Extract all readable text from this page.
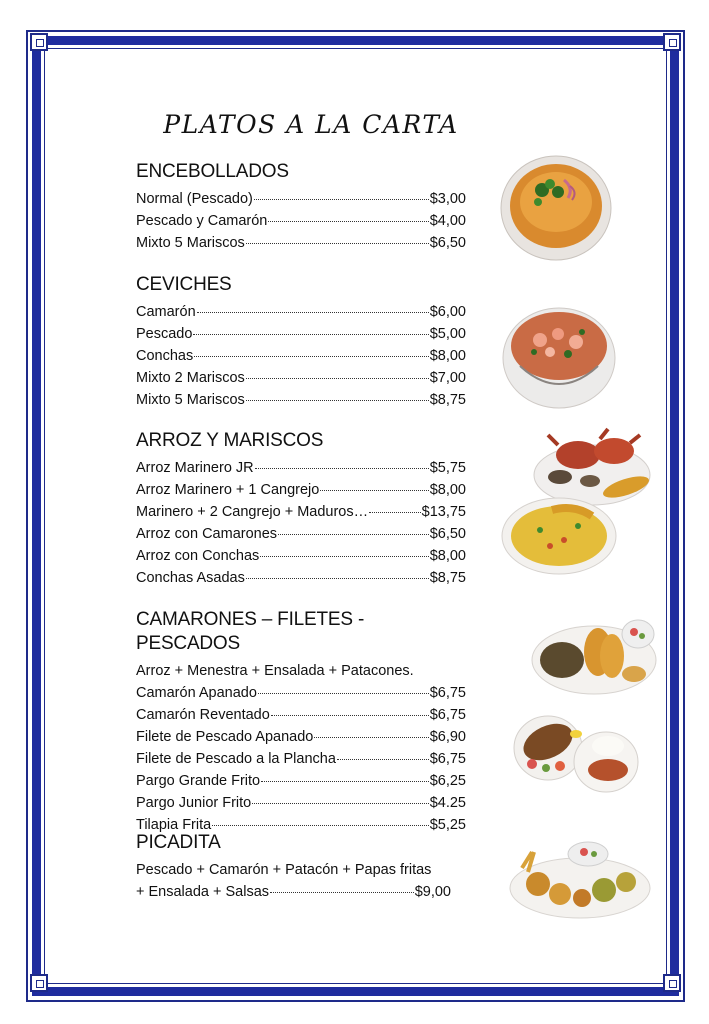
PLATOS A LA CARTA
ENCEBOLLADOS
Normal (Pescado)	$3,00
Pescado y Camarón	$4,00
Mixto 5 Mariscos	$6,50
CEVICHES
Camarón	$6,00
Pescado	$5,00
Conchas	$8,00
Mixto 2 Mariscos	$7,00
Mixto 5 Mariscos	$8,75
ARROZ Y MARISCOS
Arroz Marinero JR	$5,75
Arroz Marinero + 1 Cangrejo	$8,00
Marinero + 2 Cangrejo + Maduros…	$13,75
Arroz con Camarones	$6,50
Arroz con Conchas	$8,00
Conchas Asadas	$8,75
CAMARONES – FILETES - PESCADOS
Arroz + Menestra + Ensalada + Patacones.
Camarón Apanado	$6,75
Camarón Reventado	$6,75
Filete de Pescado Apanado	$6,90
Filete de Pescado a la Plancha	$6,75
Pargo Grande Frito	$6,25
Pargo Junior Frito	$4.25
Tilapia Frita	$5,25
PICADITA
Pescado + Camarón + Patacón + Papas fritas
+ Ensalada + Salsas	$9,00
